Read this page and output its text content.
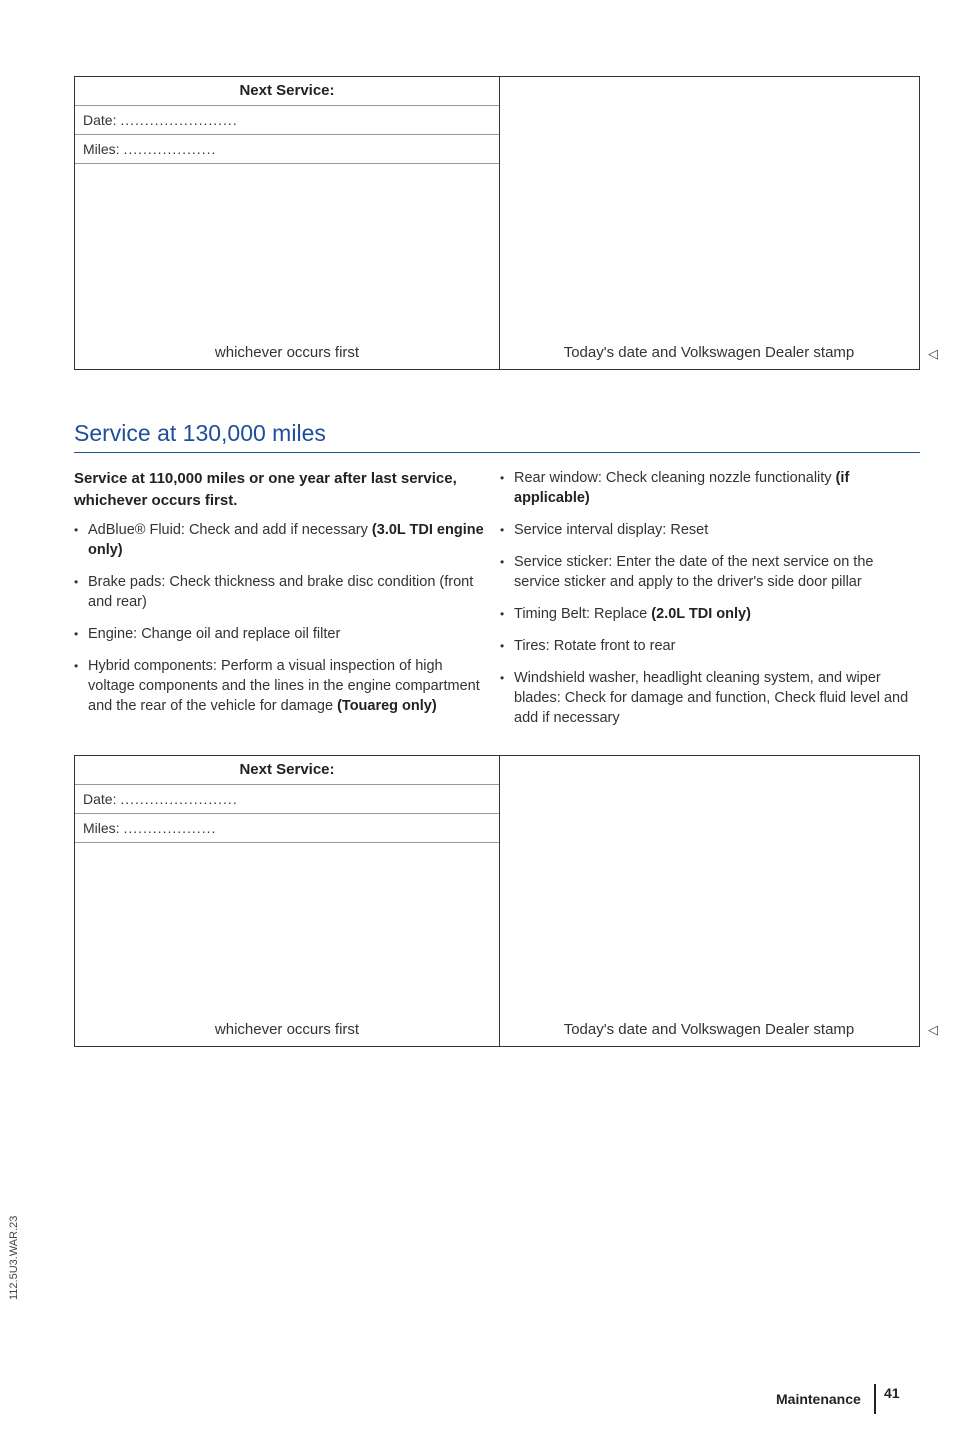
Next Service:
Date: ........................
Miles: ...................
whichever occurs first	Today's date and Volkswagen Dealer stamp	◁
Service at 130,000 miles
Service at 110,000 miles or one year after last service, whichever occurs first.
• AdBlue® Fluid: Check and add if necessary (3.0L TDI engine only)
• Brake pads: Check thickness and brake disc condition (front and rear)
• Engine: Change oil and replace oil filter
• Hybrid components: Perform a visual inspection of high voltage components and the lines in the engine compartment and the rear of the vehicle for damage (Touareg only)
• Rear window: Check cleaning nozzle functionality (if applicable)
• Service interval display: Reset
• Service sticker: Enter the date of the next service on the service sticker and apply to the driver's side door pillar
• Timing Belt: Replace (2.0L TDI only)
• Tires: Rotate front to rear
• Windshield washer, headlight cleaning system, and wiper blades: Check for damage and function, Check fluid level and add if necessary
Next Service:
Date: ........................
Miles: ...................
whichever occurs first	Today's date and Volkswagen Dealer stamp	◁
112.5U3.WAR.23
Maintenance 41
